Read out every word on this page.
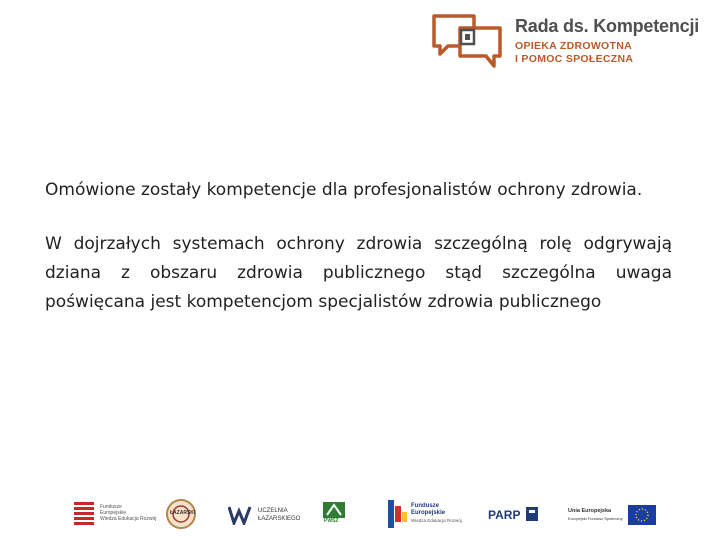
Rada ds. Kompetencji
OPIEKA ZDROWOTNA
I POMOC SPOŁECZNA

Omówione zostały kompetencje dla profesjonalistów ochrony zdrowia.

W dojrzałych systemach ochrony zdrowia szczególną rolę odgrywają dziana z obszaru zdrowia publicznego stąd szczególna uwaga poświęcana jest kompetencjom specjalistów zdrowia publicznego

Fundusze
Europejskie
Wiedza Edukacja Rozwój
ŁAZARSKI	UCZELNIA
ŁAZARSKIEGO	PWSZ
Fundusze
Europejskie
Wiedza Edukacja Rozwój PARP	Unia Europejska
Europejski Fundusz Społeczny
